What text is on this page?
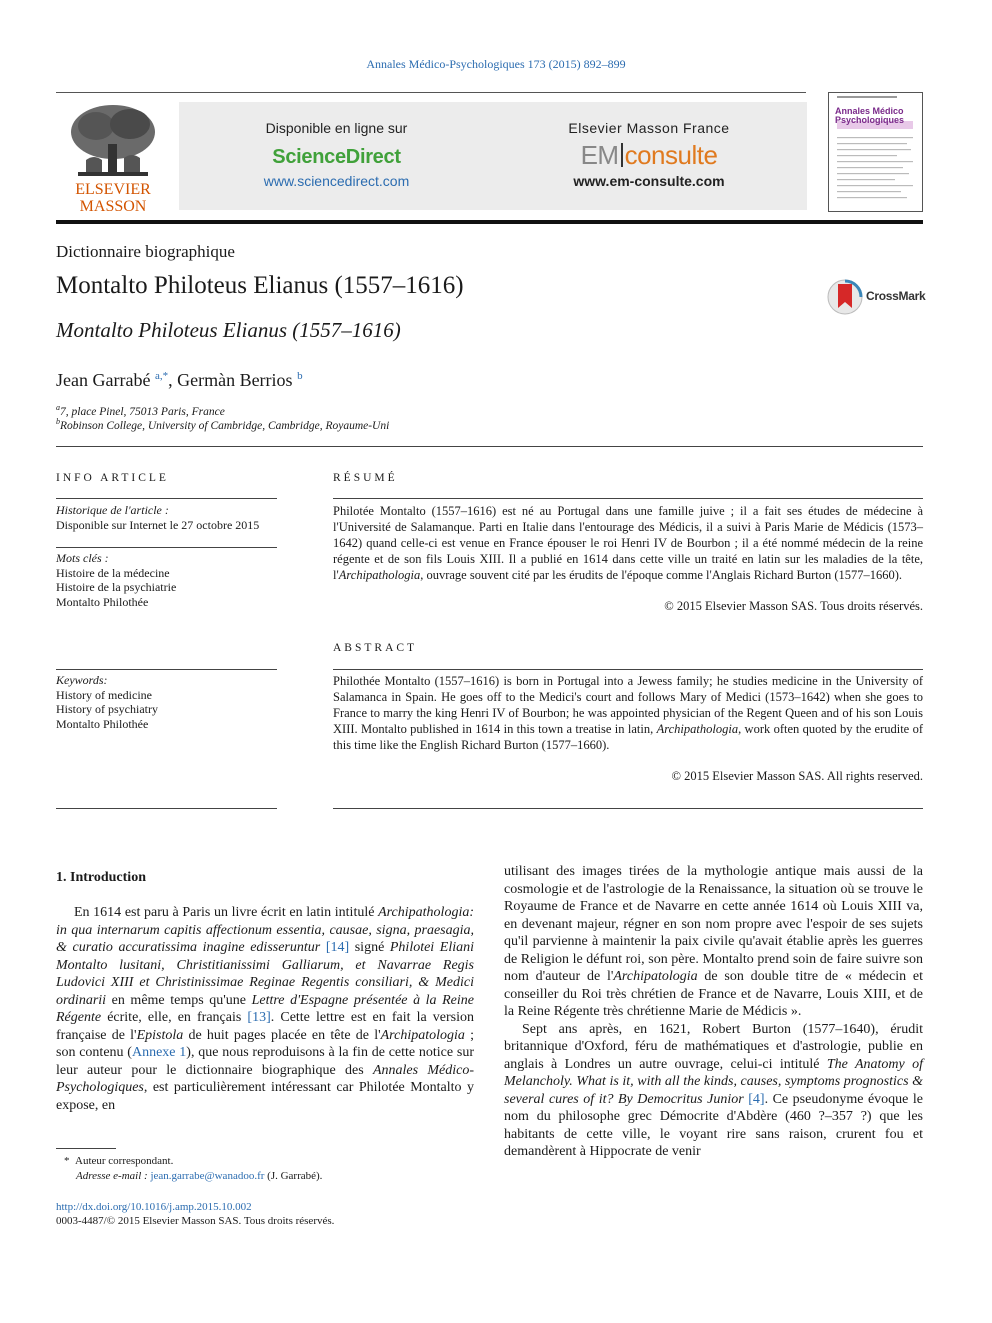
Annales Médico-Psychologiques 173 (2015) 892–899
ELSEVIER
MASSON
Disponible en ligne sur
ScienceDirect
www.sciencedirect.com
Elsevier Masson France
EM consulte
www.em-consulte.com
Annales Médico Psychologiques
Dictionnaire biographique
Montalto Philoteus Elianus (1557–1616)	CrossMark
Montalto Philoteus Elianus (1557–1616)
Jean Garrabé $^{a,*}$, Germàn Berrios $^b$
$^a$7, place Pinel, 75013 Paris, France
$^b$Robinson College, University of Cambridge, Cambridge, Royaume-Uni
INFO ARTICLE
Historique de l'article :
Disponible sur Internet le 27 octobre 2015
Mots clés :
Histoire de la médecine
Histoire de la psychiatrie
Montalto Philothée
Keywords:
History of medicine
History of psychiatry
Montalto Philothée
RÉSUMÉ
Philotée Montalto (1557–1616) est né au Portugal dans une famille juive ; il a fait ses études de médecine à l'Université de Salamanque. Parti en Italie dans l'entourage des Médicis, il a suivi à Paris Marie de Médicis (1573–1642) quand celle-ci est venue en France épouser le roi Henri IV de Bourbon ; il a été nommé médecin de la reine régente et de son fils Louis XIII. Il a publié en 1614 dans cette ville un traité en latin sur les maladies de la tête, l'Archipathologia, ouvrage souvent cité par les érudits de l'époque comme l'Anglais Richard Burton (1577–1660).
© 2015 Elsevier Masson SAS. Tous droits réservés.
ABSTRACT
Philothée Montalto (1557–1616) is born in Portugal into a Jewess family; he studies medicine in the University of Salamanca in Spain. He goes off to the Medici's court and follows Mary of Medici (1573–1642) when she goes to France to marry the king Henri IV of Bourbon; he was appointed physician of the Regent Queen and of his son Louis XIII. Montalto published in 1614 in this town a treatise in latin, Archipathologia, work often quoted by the erudite of this time like the English Richard Burton (1577–1660).
© 2015 Elsevier Masson SAS. All rights reserved.
1. Introduction

En 1614 est paru à Paris un livre écrit en latin intitulé Archipathologia: in qua internarum capitis affectionum essentia, causae, signa, praesagia, & curatio accuratissima inagine edisseruntur [14] signé Philotei Eliani Montalto lusitani, Christitianissimi Galliarum, et Navarrae Regis Ludovici XIII et Christinissimae Reginae Regentis consiliari, & Medici ordinarii en même temps qu'une Lettre d'Espagne présentée à la Reine Régente écrite, elle, en français [13]. Cette lettre est en fait la version française de l'Epistola de huit pages placée en tête de l'Archipatologia ; son contenu (Annexe 1), que nous reproduisons à la fin de cette notice sur leur auteur pour le dictionnaire biographique des Annales Médico-Psychologiques, est particulièrement intéressant car Philotée Montalto y expose, en

utilisant des images tirées de la mythologie antique mais aussi de la cosmologie et de l'astrologie de la Renaissance, la situation où se trouve le Royaume de France et de Navarre en cette année 1614 où Louis XIII va, en devenant majeur, régner en son nom propre avec l'espoir de ses sujets qu'il parvienne à maintenir la paix civile qu'avait établie après les guerres de Religion le défunt roi, son père. Montalto prend soin de faire suivre son nom d'auteur de l'Archipatologia de son double titre de « médecin et conseiller du Roi très chrétien de France et de Navarre, Louis XIII, et de la Reine Régente très chrétienne Marie de Médicis ».

Sept ans après, en 1621, Robert Burton (1577–1640), érudit britannique d'Oxford, féru de mathématiques et d'astrologie, publie en anglais à Londres un autre ouvrage, celui-ci intitulé The Anatomy of Melancholy. What is it, with all the kinds, causes, symptoms prognostics & several cures of it? By Democritus Junior [4]. Ce pseudonyme évoque le nom du philosophe grec Démocrite d'Abdère (460 ?–357 ?) que les habitants de cette ville, le voyant rire sans raison, crurent fou et demandèrent à Hippocrate de venir

*  Auteur correspondant.
Adresse e-mail : jean.garrabe@wanadoo.fr (J. Garrabé).
http://dx.doi.org/10.1016/j.amp.2015.10.002
0003-4487/© 2015 Elsevier Masson SAS. Tous droits réservés.
